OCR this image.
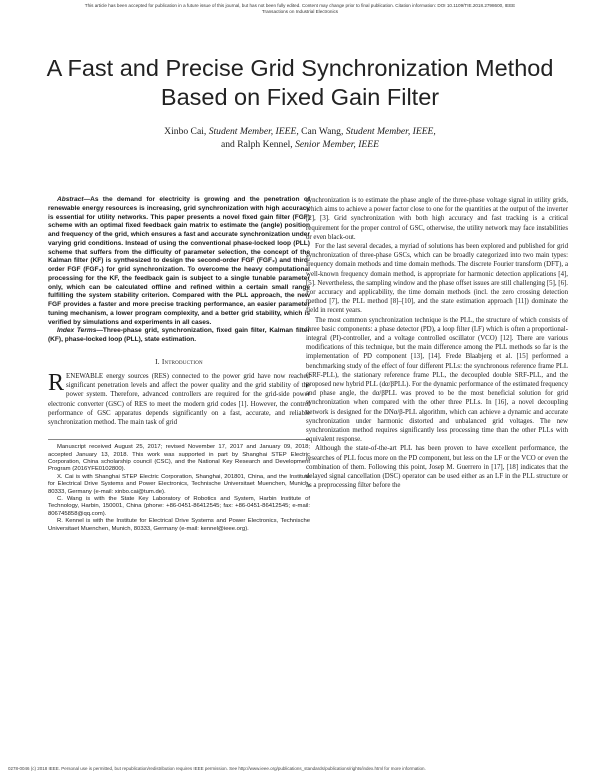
This article has been accepted for publication in a future issue of this journal, but has not been fully edited. Content may change prior to final publication. Citation information: DOI 10.1109/TIE.2018.2798600, IEEE
Transactions on Industrial Electronics
A Fast and Precise Grid Synchronization Method Based on Fixed Gain Filter
Xinbo Cai, Student Member, IEEE, Can Wang, Student Member, IEEE,
and Ralph Kennel, Senior Member, IEEE

Abstract—As the demand for electricity is growing and the penetration of renewable energy resources is increasing, grid synchronization with high accuracy is essential for utility networks. This paper presents a novel fixed gain filter (FGF) scheme with an optimal fixed feedback gain matrix to estimate the (angle) position and frequency of the grid, which ensures a fast and accurate synchronization under varying grid conditions. Instead of using the conventional phase-locked loop (PLL) scheme that suffers from the difficulty of parameter selection, the concept of the Kalman filter (KF) is synthesized to design the second-order FGF (FGF₂) and third-order FGF (FGF₃) for grid synchronization. To overcome the heavy computational processing for the KF, the feedback gain is subject to a single tunable parameter only, which can be calculated offline and refined within a certain small range fulfilling the system stability criterion. Compared with the PLL approach, the new FGF provides a faster and more precise tracking performance, an easier parameter tuning mechanism, a lower program complexity, and a better grid stability, which is verified by simulations and experiments in all cases.

Index Terms—Three-phase grid, synchronization, fixed gain filter, Kalman filter (KF), phase-locked loop (PLL), state estimation.

I. Introduction

RENEWABLE energy sources (RES) connected to the power grid have now reached significant penetration levels and affect the power quality and the grid stability of the power system. Therefore, advanced controllers are required for the grid-side power electronic converter (GSC) of RES to meet the modern grid codes [1]. However, the control performance of GSC apparatus depends significantly on a fast, accurate, and reliable synchronization method. The main task of grid

Manuscript received August 25, 2017; revised November 17, 2017 and January 09, 2018; accepted January 13, 2018. This work was supported in part by Shanghai STEP Electric Corporation, China scholarship council (CSC), and the National Key Research and Development Program (2016YFE0102800).

X. Cai is with Shanghai STEP Electric Corporation, Shanghai, 201801, China, and the Institute for Electrical Drive Systems and Power Electronics, Technische Universitaet Muenchen, Munich, 80333, Germany (e-mail: xinbo.cai@tum.de).

C. Wang is with the State Key Laboratory of Robotics and System, Harbin Institute of Technology, Harbin, 150001, China (phone: +86-0451-86412545; fax: +86-0451-86412545; e-mail: 806745858@qq.com).

R. Kennel is with the Institute for Electrical Drive Systems and Power Electronics, Technische Universitaet Muenchen, Munich, 80333, Germany (e-mail: kennel@ieee.org).

synchronization is to estimate the phase angle of the three-phase voltage signal in utility grids, which aims to achieve a power factor close to one for the quantities at the output of the inverter [2], [3]. Grid synchronization with both high accuracy and fast tracking is a critical requirement for the proper control of GSC, otherwise, the utility network may face instabilities or even black-out.

For the last several decades, a myriad of solutions has been explored and published for grid synchronization of three-phase GSCs, which can be broadly categorized into two main types: frequency domain methods and time domain methods. The discrete Fourier transform (DFT), a well-known frequency domain method, is appropriate for harmonic detection applications [4], [5]. Nevertheless, the sampling window and the phase offset issues are still challenging [5], [6]. For accuracy and applicability, the time domain methods (incl. the zero crossing detection method [7], the PLL method [8]–[10], and the state estimation approach [11]) dominate the field in recent years.

The most common synchronization technique is the PLL, the structure of which consists of three basic components: a phase detector (PD), a loop filter (LF) which is often a proportional-integral (PI)-controller, and a voltage controlled oscillator (VCO) [12]. There are various modifications of this technique, but the main difference among the PLL methods so far is the implementation of PD component [13], [14]. Frede Blaabjerg et al. [15] performed a benchmarking study of the effect of four different PLLs: the synchronous reference frame PLL (SRF-PLL), the stationary reference frame PLL, the decoupled double SRF-PLL, and the proposed new hybrid PLL (dα/βPLL). For the dynamic performance of the estimated frequency and phase angle, the dα/βPLL was proved to be the most beneficial solution for grid synchronization when compared with the other three PLLs. In [16], a novel decoupling network is designed for the DNα/β-PLL algorithm, which can achieve a dynamic and accurate synchronization under harmonic distorted and unbalanced grid voltages. The new synchronization method requires significantly less processing time than the other PLLs with equivalent response.

Although the state-of-the-art PLL has been proven to have excellent performance, the researches of PLL focus more on the PD component, but less on the LF or the VCO or even the combination of them. Following this point, Josep M. Guerrero in [17], [18] indicates that the delayed signal cancellation (DSC) operator can be used either as an LF in the PLL structure or as a preprocessing filter before the

0278-0046 (c) 2018 IEEE. Personal use is permitted, but republication/redistribution requires IEEE permission. See http://www.ieee.org/publications_standards/publications/rights/index.html for more information.
